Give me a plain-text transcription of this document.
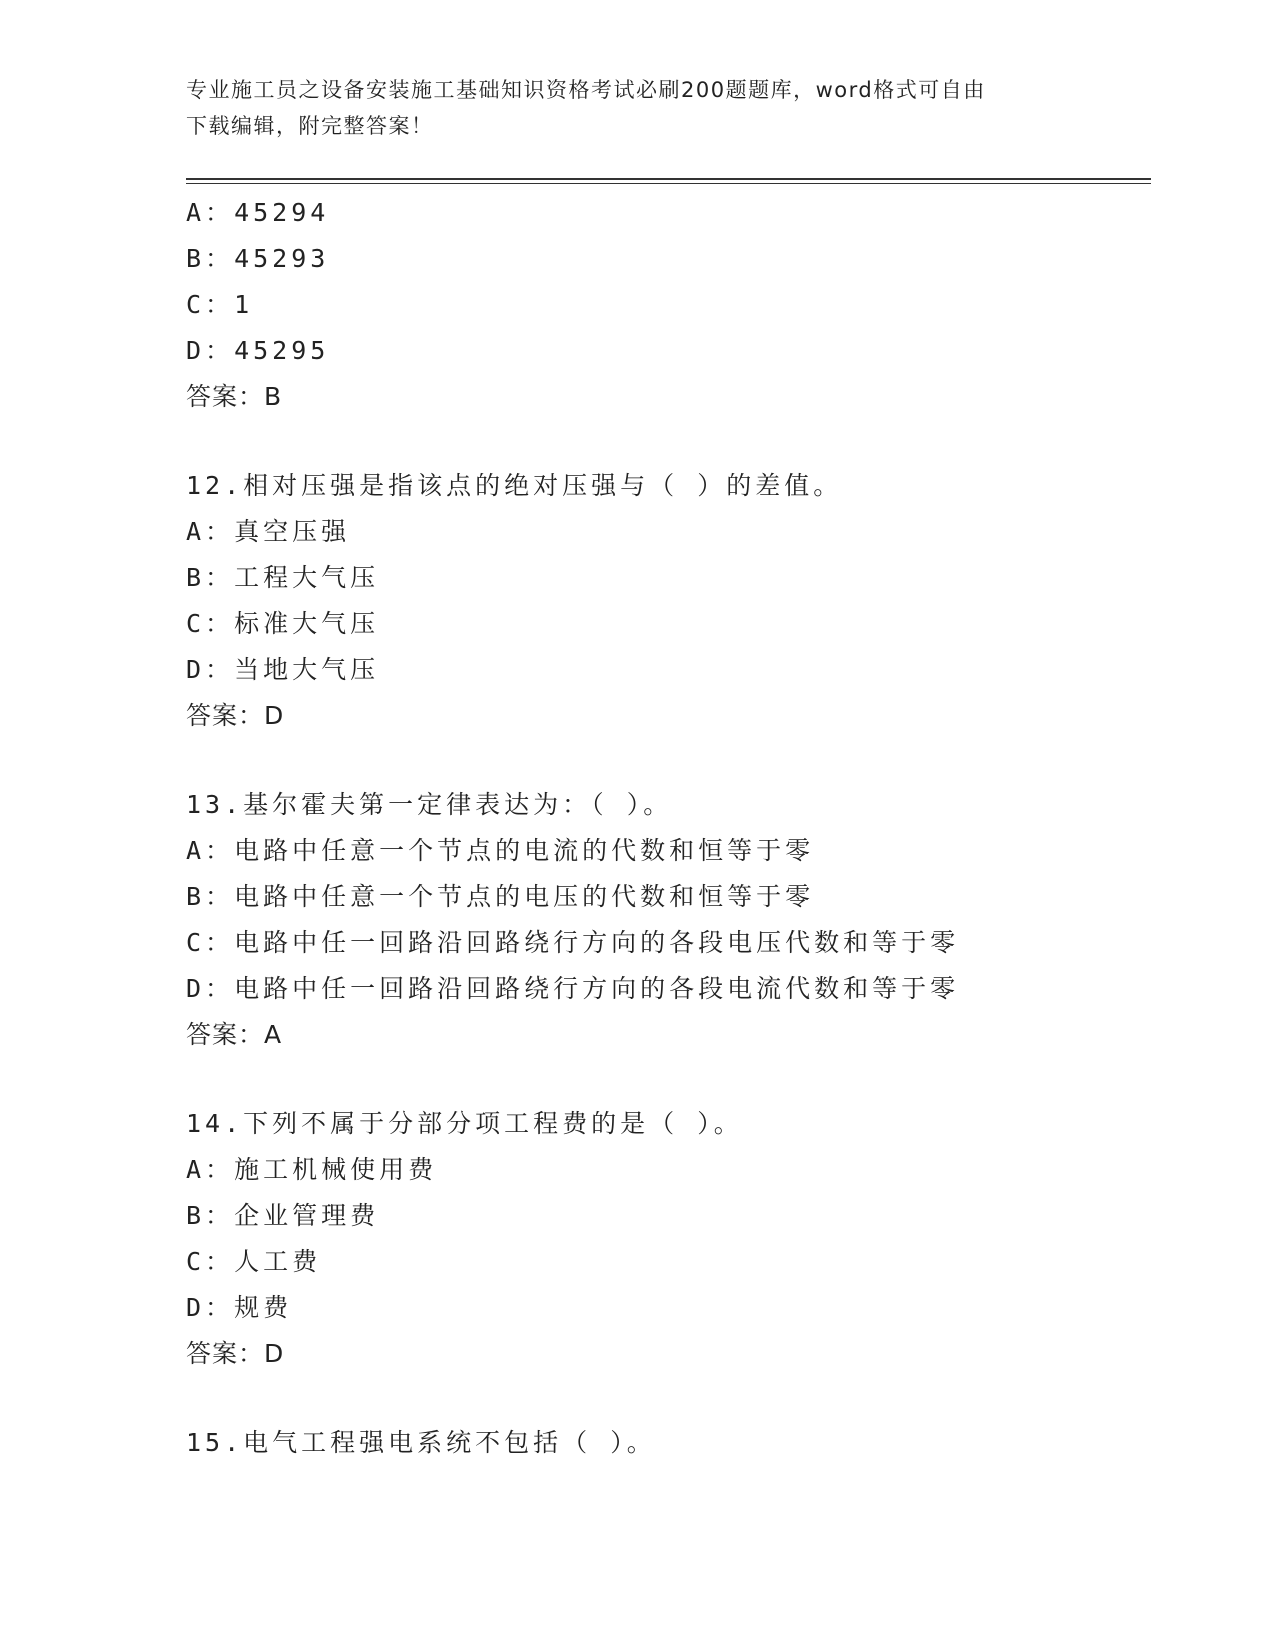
专业施工员之设备安装施工基础知识资格考试必刷200题题库，word格式可自由
下载编辑，附完整答案！
A：45294
B：45293
C：1
D：45295
答案：B
12.相对压强是指该点的绝对压强与（ ）的差值。
A：真空压强
B：工程大气压
C：标准大气压
D：当地大气压
答案：D
13.基尔霍夫第一定律表达为：（ ）。
A：电路中任意一个节点的电流的代数和恒等于零
B：电路中任意一个节点的电压的代数和恒等于零
C：电路中任一回路沿回路绕行方向的各段电压代数和等于零
D：电路中任一回路沿回路绕行方向的各段电流代数和等于零
答案：A
14.下列不属于分部分项工程费的是（ ）。
A：施工机械使用费
B：企业管理费
C：人工费
D：规费
答案：D
15.电气工程强电系统不包括（ ）。
